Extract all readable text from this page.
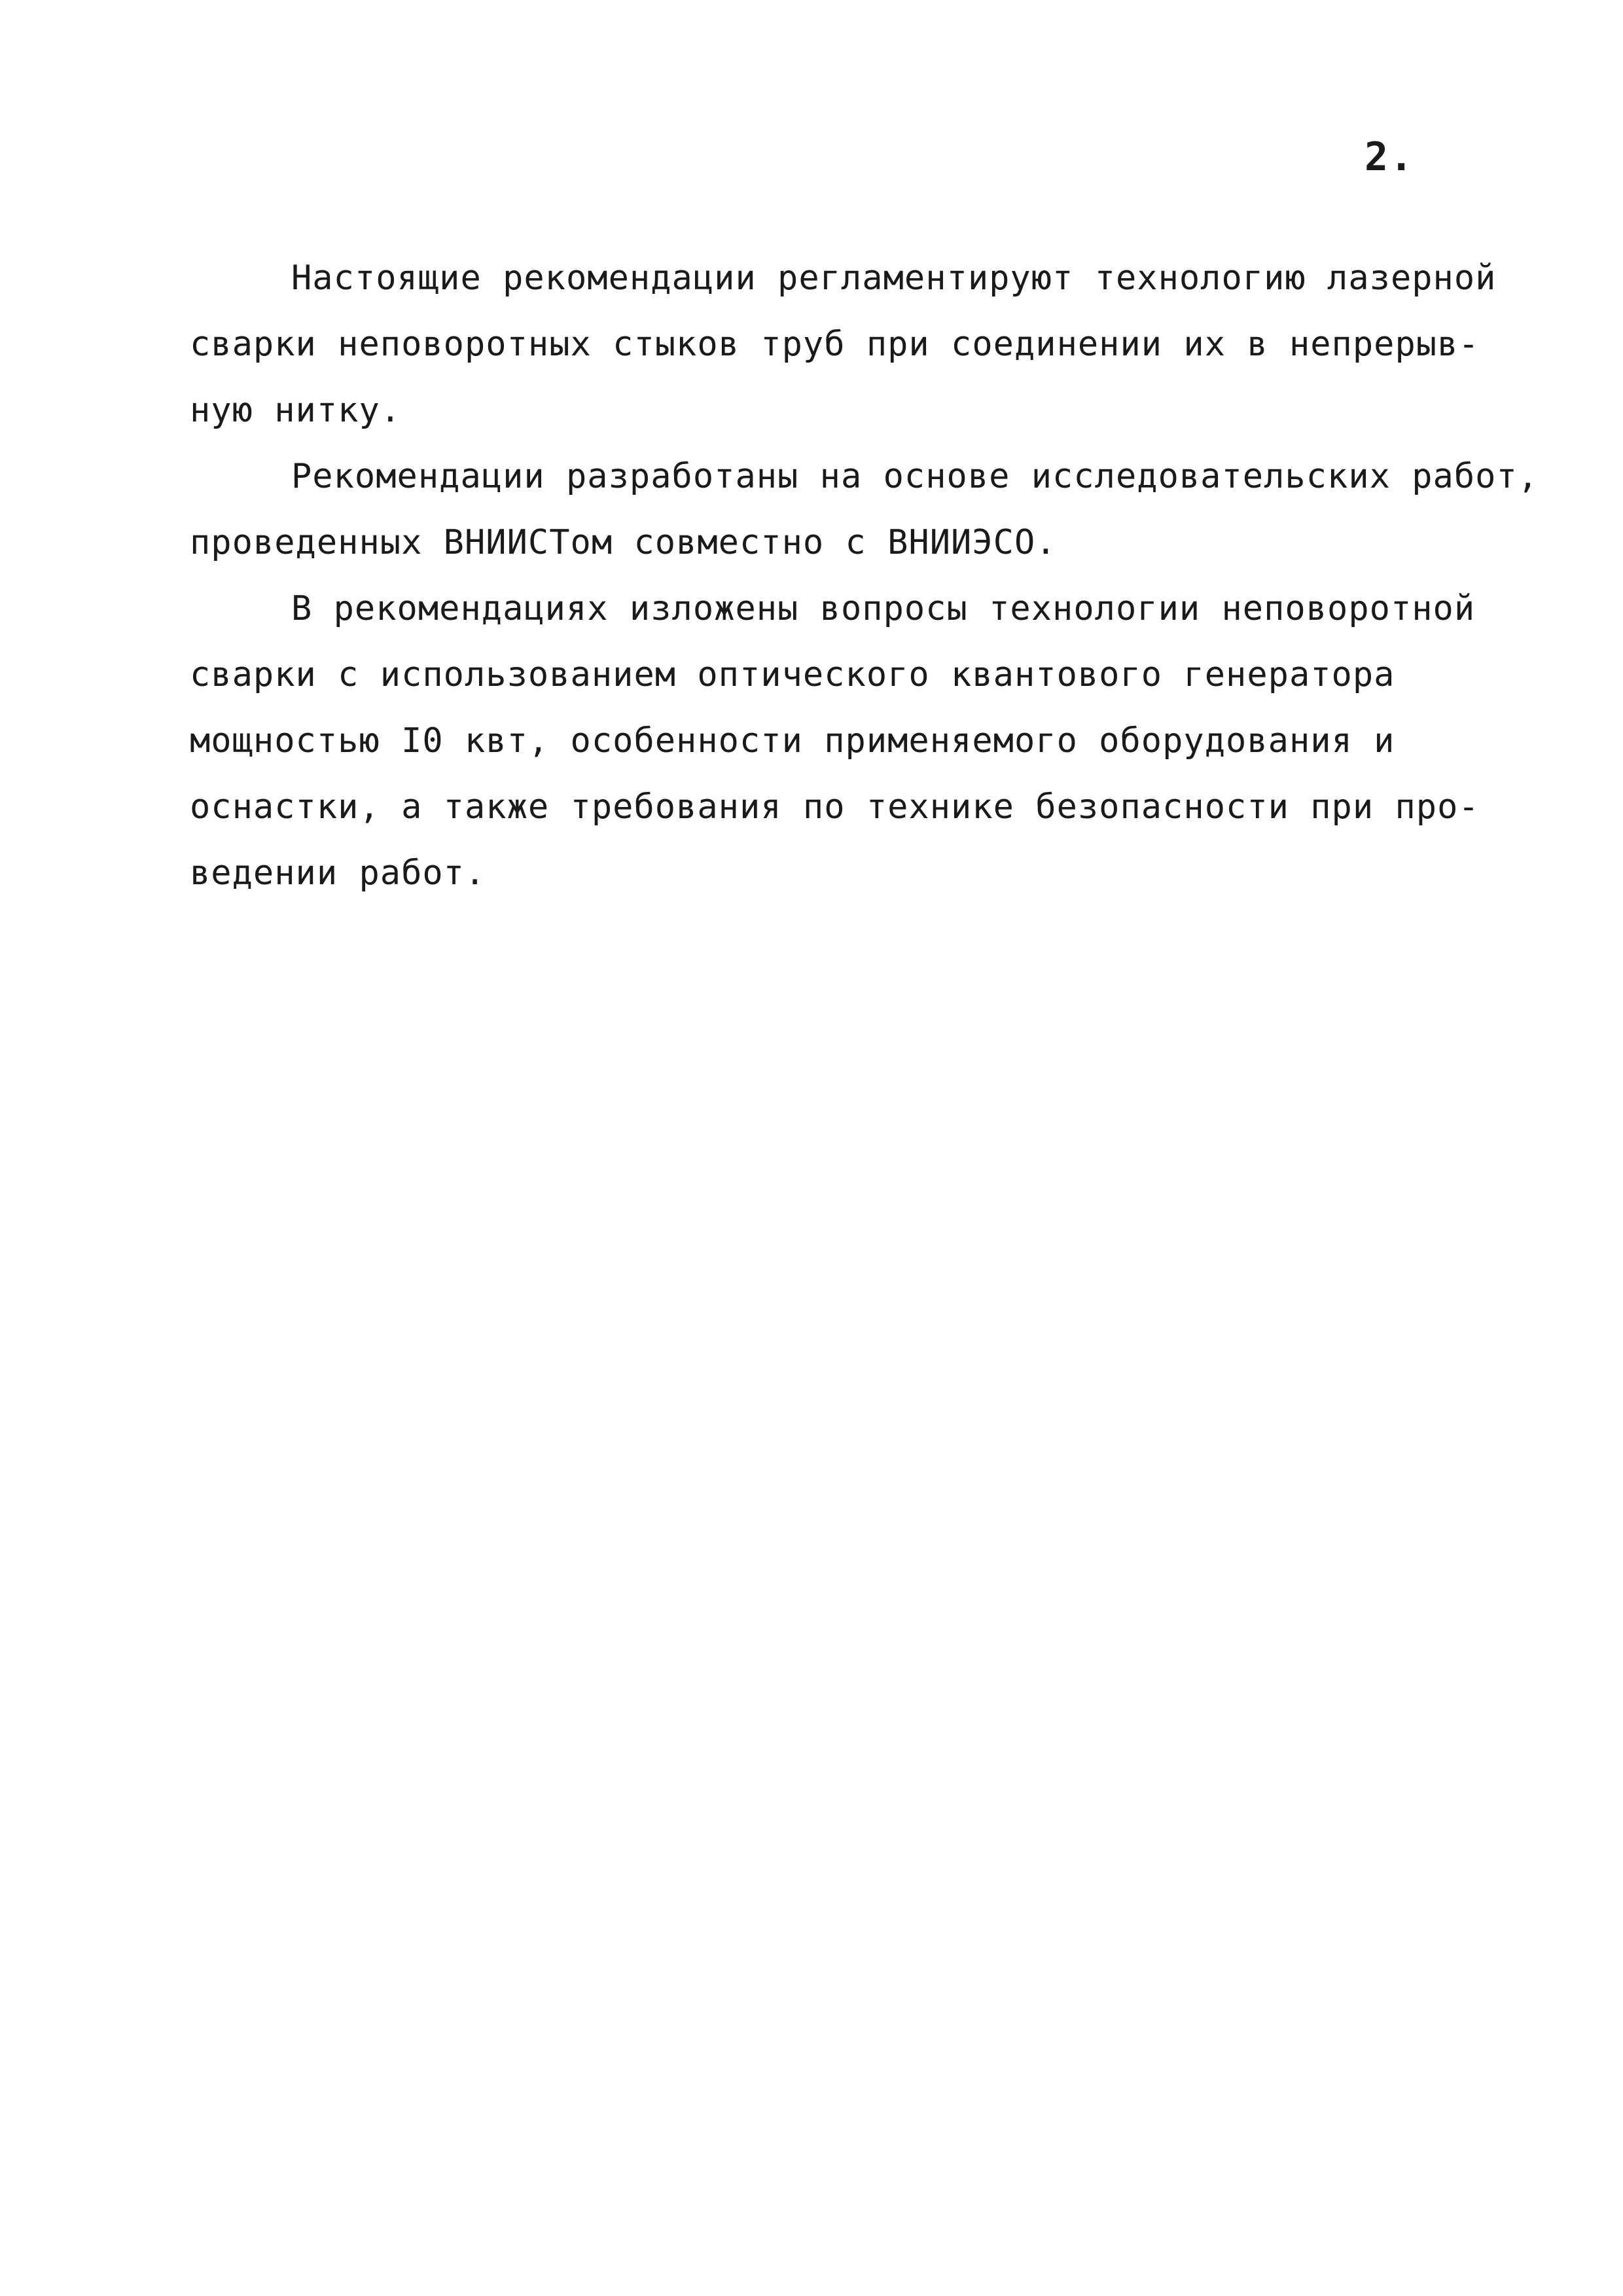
2.

Настоящие рекомендации регламентируют технологию лазерной
сварки неповоротных стыков труб при соединении их в непрерыв-
ную нитку.

Рекомендации разработаны на основе исследовательских работ,
проведенных ВНИИСТом совместно с ВНИИЭСО.

В рекомендациях изложены вопросы технологии неповоротной
сварки с использованием оптического квантового генератора
мощностью I0 квт, особенности применяемого оборудования и
оснастки, а также требования по технике безопасности при про-
ведении работ.
